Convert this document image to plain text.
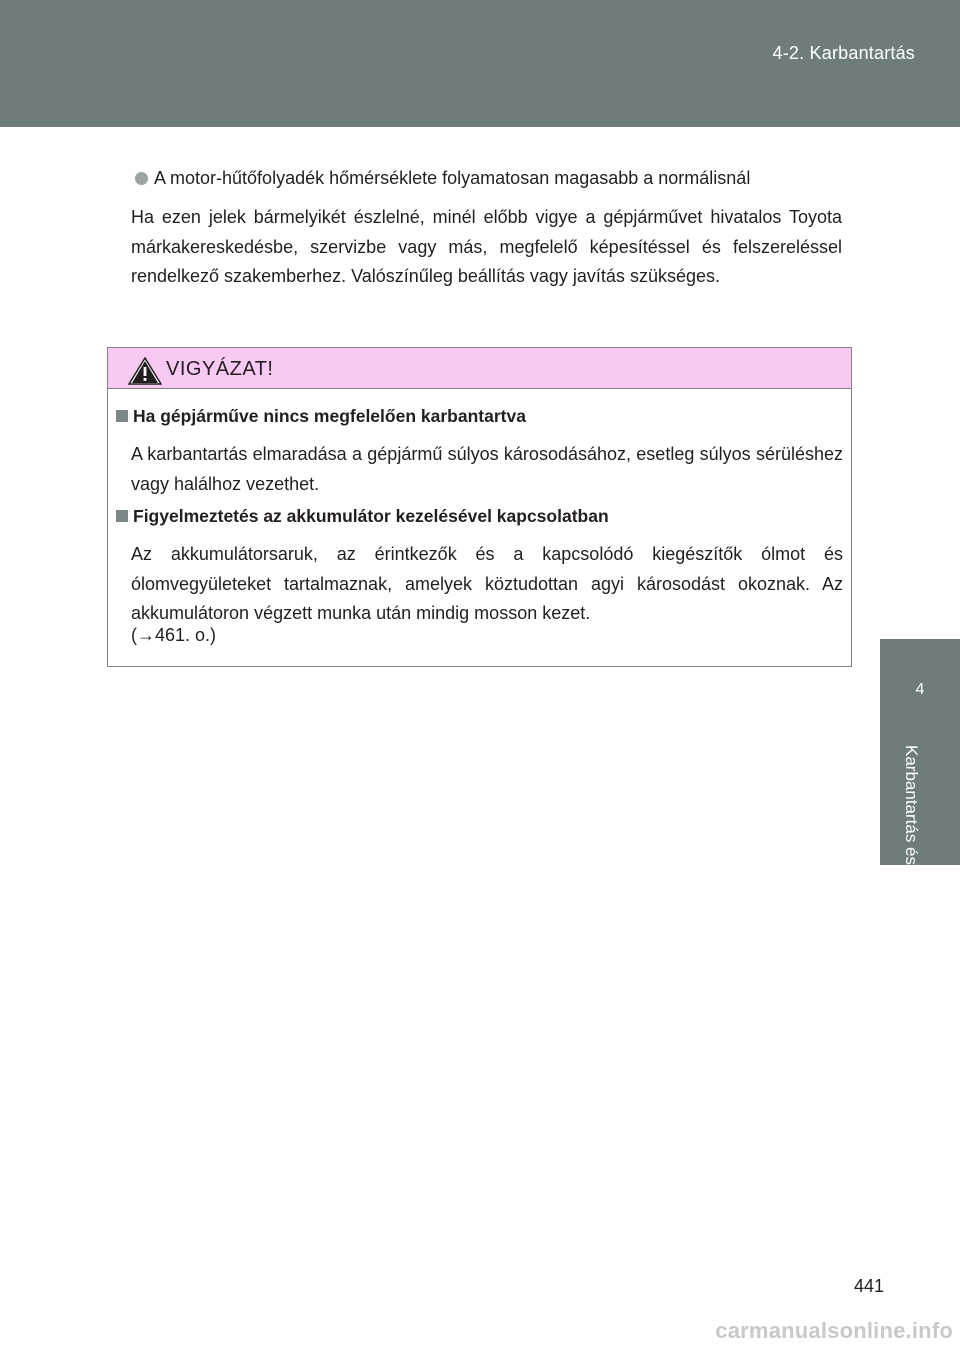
4-2. Karbantartás
4
Karbantartás és ápolás
A motor-hűtőfolyadék hőmérséklete folyamatosan magasabb a normálisnál
Ha ezen jelek bármelyikét észlelné, minél előbb vigye a gépjárművet hivatalos Toyota márkakereskedésbe, szervizbe vagy más, megfelelő képesítéssel és felszereléssel rendelkező szakemberhez. Valószínűleg beállítás vagy javítás szükséges.
VIGYÁZAT!
Ha gépjárműve nincs megfelelően karbantartva
A karbantartás elmaradása a gépjármű súlyos károsodásához, esetleg súlyos sérüléshez vagy halálhoz vezethet.
Figyelmeztetés az akkumulátor kezelésével kapcsolatban
Az akkumulátorsaruk, az érintkezők és a kapcsolódó kiegészítők ólmot és ólomvegyületeket tartalmaznak, amelyek köztudottan agyi károsodást okoznak. Az akkumulátoron végzett munka után mindig mosson kezet.
(→461. o.)
441
carmanualsonline.info
